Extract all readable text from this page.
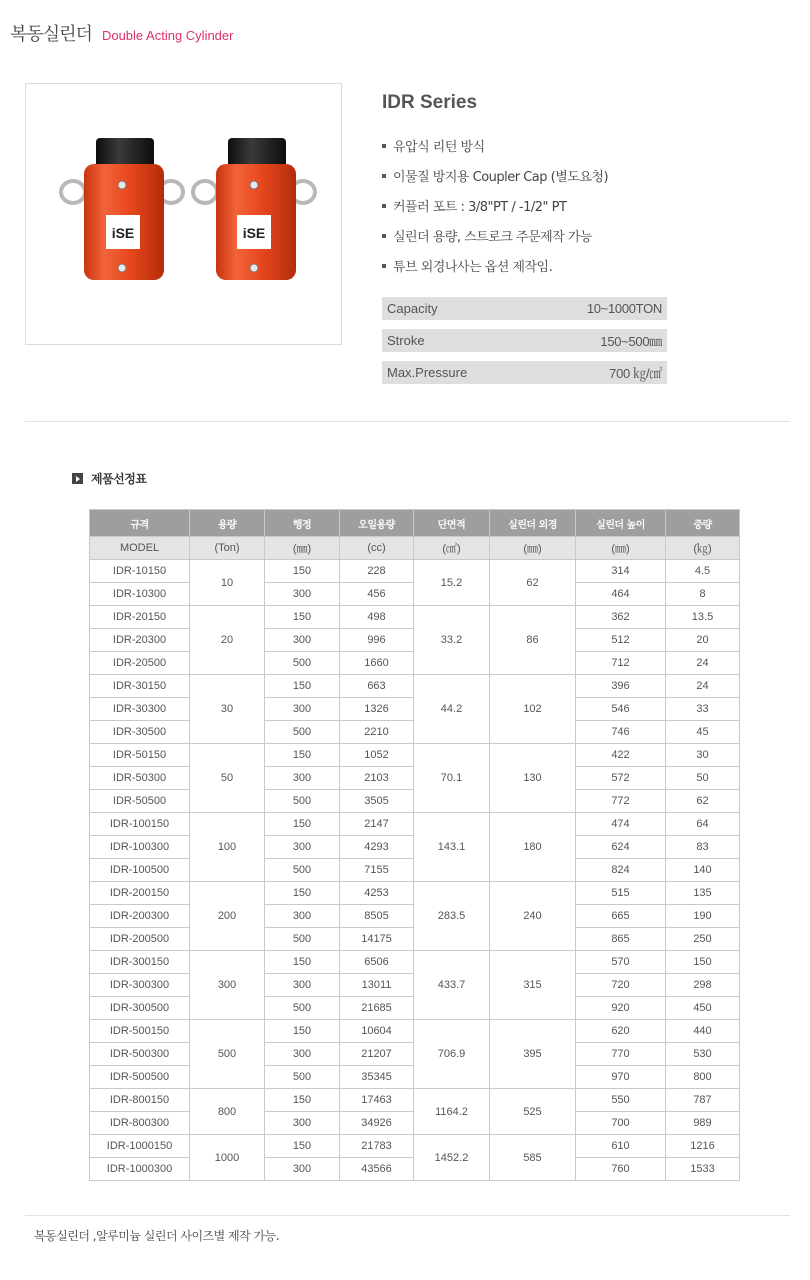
복동실린더 Double Acting Cylinder
iSE	iSE
IDR Series
유압식 리턴 방식
이물질 방지용 Coupler Cap (별도요청)
커플러 포트 : 3/8"PT / -1/2" PT
실린더 용량, 스트로크 주문제작 가능
튜브 외경나사는 옵션 제작임.
Capacity	10~1000TON
Stroke	150~500㎜
Max.Pressure	700 ㎏/㎠
제품선정표
규격	용량	행정	오일용량	단면적	실린더 외경	실린더 높이	중량
MODEL	(Ton)	(㎜)	(cc)	(㎠)	(㎜)	(㎜)	(㎏)
IDR-10150	10	150	228	15.2	62	314	4.5
IDR-10300		300	456			464	8
IDR-20150	20	150	498	33.2	86	362	13.5
IDR-20300		300	996			512	20
IDR-20500		500	1660			712	24
IDR-30150	30	150	663	44.2	102	396	24
IDR-30300		300	1326			546	33
IDR-30500		500	2210			746	45
IDR-50150	50	150	1052	70.1	130	422	30
IDR-50300		300	2103			572	50
IDR-50500		500	3505			772	62
IDR-100150	100	150	2147	143.1	180	474	64
IDR-100300		300	4293			624	83
IDR-100500		500	7155			824	140
IDR-200150	200	150	4253	283.5	240	515	135
IDR-200300		300	8505			665	190
IDR-200500		500	14175			865	250
IDR-300150	300	150	6506	433.7	315	570	150
IDR-300300		300	13011			720	298
IDR-300500		500	21685			920	450
IDR-500150	500	150	10604	706.9	395	620	440
IDR-500300		300	21207			770	530
IDR-500500		500	35345			970	800
IDR-800150	800	150	17463	1164.2	525	550	787
IDR-800300		300	34926			700	989
IDR-1000150	1000	150	21783	1452.2	585	610	1216
IDR-1000300		300	43566			760	1533
복동실린더 ,알루미늄 실린더 사이즈별 제작 가능.
